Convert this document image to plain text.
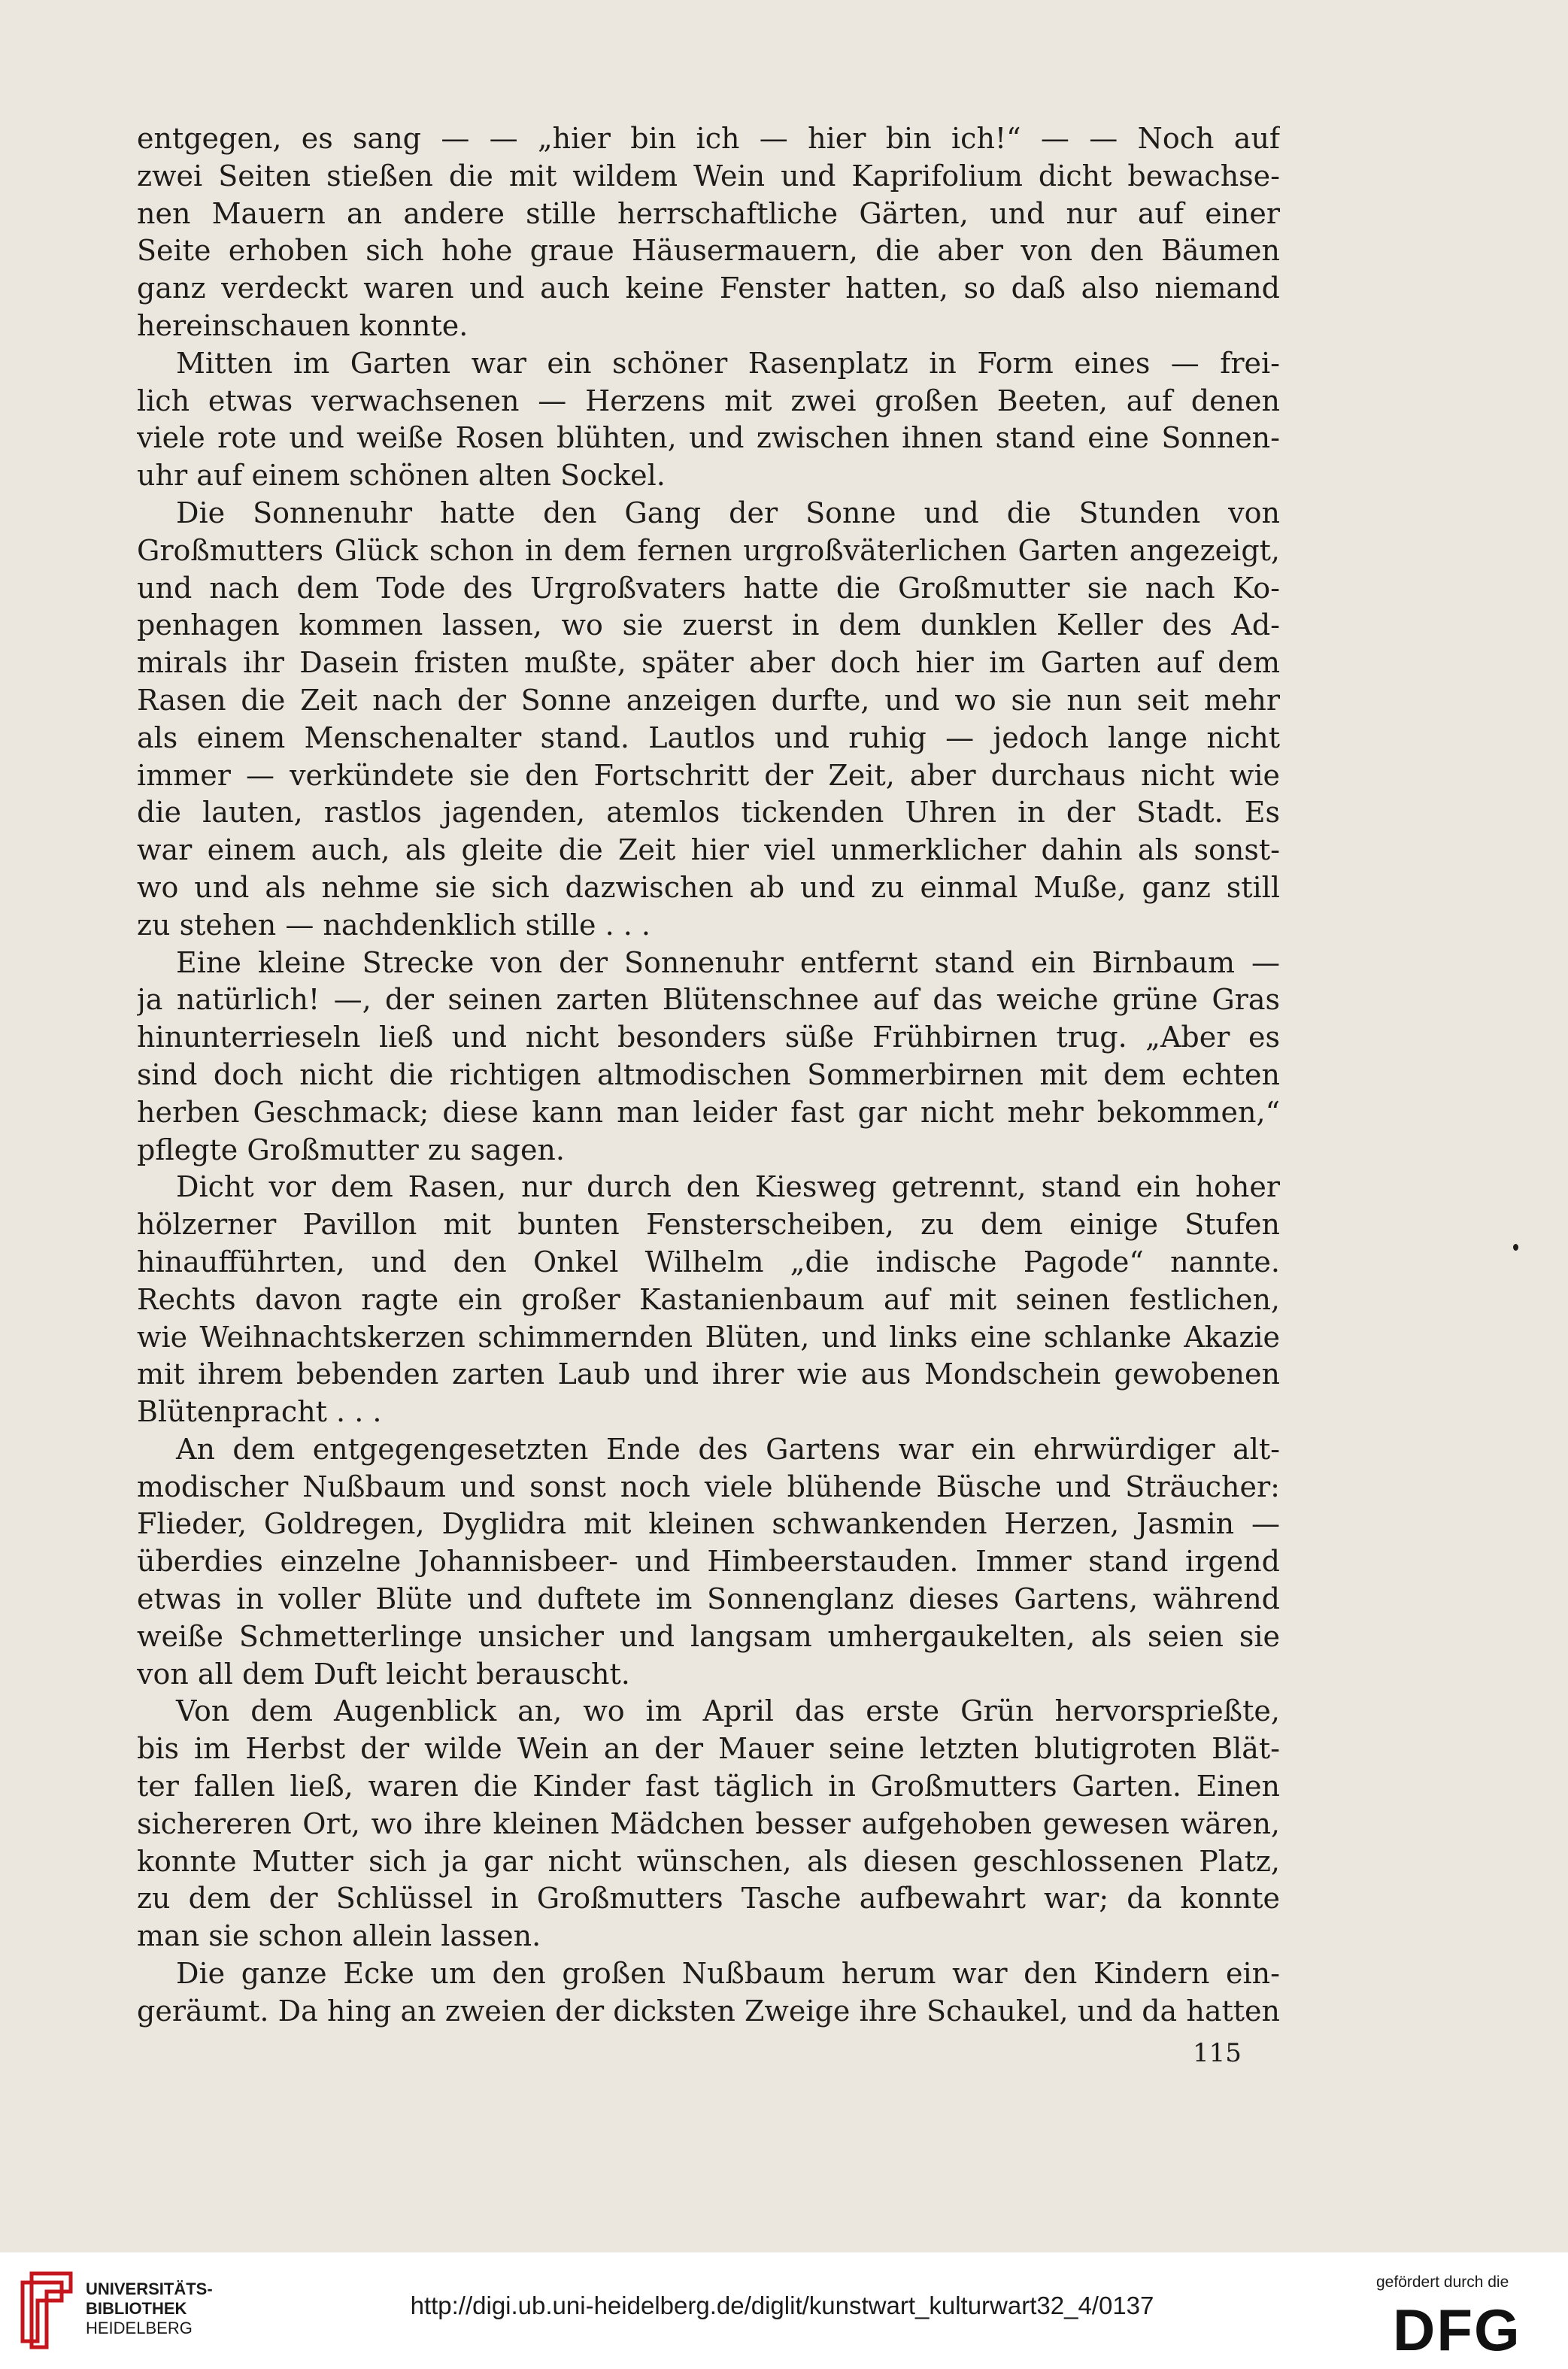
entgegen, es sang — — „hier bin ich — hier bin ich!“ — — Noch auf
zwei Seiten stießen die mit wildem Wein und Kaprifolium dicht bewachse-
nen Mauern an andere stille herrschaftliche Gärten, und nur auf einer
Seite erhoben sich hohe graue Häusermauern, die aber von den Bäumen
ganz verdeckt waren und auch keine Fenster hatten, so daß also niemand
hereinschauen konnte.
Mitten im Garten war ein schöner Rasenplatz in Form eines — frei-
lich etwas verwachsenen — Herzens mit zwei großen Beeten, auf denen
viele rote und weiße Rosen blühten, und zwischen ihnen stand eine Sonnen-
uhr auf einem schönen alten Sockel.
Die Sonnenuhr hatte den Gang der Sonne und die Stunden von
Großmutters Glück schon in dem fernen urgroßväterlichen Garten angezeigt,
und nach dem Tode des Urgroßvaters hatte die Großmutter sie nach Ko-
penhagen kommen lassen, wo sie zuerst in dem dunklen Keller des Ad-
mirals ihr Dasein fristen mußte, später aber doch hier im Garten auf dem
Rasen die Zeit nach der Sonne anzeigen durfte, und wo sie nun seit mehr
als einem Menschenalter stand. Lautlos und ruhig — jedoch lange nicht
immer — verkündete sie den Fortschritt der Zeit, aber durchaus nicht wie
die lauten, rastlos jagenden, atemlos tickenden Uhren in der Stadt. Es
war einem auch, als gleite die Zeit hier viel unmerklicher dahin als sonst-
wo und als nehme sie sich dazwischen ab und zu einmal Muße, ganz still
zu stehen — nachdenklich stille . . .
Eine kleine Strecke von der Sonnenuhr entfernt stand ein Birnbaum —
ja natürlich! —, der seinen zarten Blütenschnee auf das weiche grüne Gras
hinunterrieseln ließ und nicht besonders süße Frühbirnen trug. „Aber es
sind doch nicht die richtigen altmodischen Sommerbirnen mit dem echten
herben Geschmack; diese kann man leider fast gar nicht mehr bekommen,“
pflegte Großmutter zu sagen.
Dicht vor dem Rasen, nur durch den Kiesweg getrennt, stand ein hoher
hölzerner Pavillon mit bunten Fensterscheiben, zu dem einige Stufen
hinaufführten, und den Onkel Wilhelm „die indische Pagode“ nannte.
Rechts davon ragte ein großer Kastanienbaum auf mit seinen festlichen,
wie Weihnachtskerzen schimmernden Blüten, und links eine schlanke Akazie
mit ihrem bebenden zarten Laub und ihrer wie aus Mondschein gewobenen
Blütenpracht . . .
An dem entgegengesetzten Ende des Gartens war ein ehrwürdiger alt-
modischer Nußbaum und sonst noch viele blühende Büsche und Sträucher:
Flieder, Goldregen, Dyglidra mit kleinen schwankenden Herzen, Jasmin —
überdies einzelne Johannisbeer- und Himbeerstauden. Immer stand irgend
etwas in voller Blüte und duftete im Sonnenglanz dieses Gartens, während
weiße Schmetterlinge unsicher und langsam umhergaukelten, als seien sie
von all dem Duft leicht berauscht.
Von dem Augenblick an, wo im April das erste Grün hervorsprießte,
bis im Herbst der wilde Wein an der Mauer seine letzten blutigroten Blät-
ter fallen ließ, waren die Kinder fast täglich in Großmutters Garten. Einen
sichereren Ort, wo ihre kleinen Mädchen besser aufgehoben gewesen wären,
konnte Mutter sich ja gar nicht wünschen, als diesen geschlossenen Platz,
zu dem der Schlüssel in Großmutters Tasche aufbewahrt war; da konnte
man sie schon allein lassen.
Die ganze Ecke um den großen Nußbaum herum war den Kindern ein-
geräumt. Da hing an zweien der dicksten Zweige ihre Schaukel, und da hatten
115
UNIVERSITÄTS-
BIBLIOTHEK
HEIDELBERG
http://digi.ub.uni-heidelberg.de/diglit/kunstwart_kulturwart32_4/0137
gefördert durch die
DFG
